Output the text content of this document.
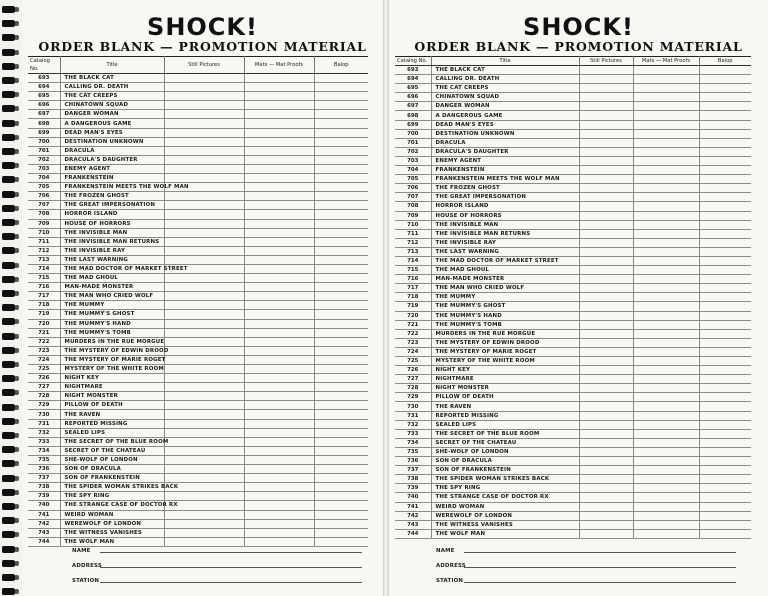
SHOCK!
ORDER BLANK — PROMOTION MATERIAL
Catalog No.	Title	Still Pictures	Mats — Mat Proofs	Balop
693	THE BLACK CAT			
694	CALLING DR. DEATH			
695	THE CAT CREEPS			
696	CHINATOWN SQUAD			
697	DANGER WOMAN			
698	A DANGEROUS GAME			
699	DEAD MAN'S EYES			
700	DESTINATION UNKNOWN			
701	DRACULA			
702	DRACULA'S DAUGHTER			
703	ENEMY AGENT			
704	FRANKENSTEIN			
705	FRANKENSTEIN MEETS THE WOLF MAN			
706	THE FROZEN GHOST			
707	THE GREAT IMPERSONATION			
708	HORROR ISLAND			
709	HOUSE OF HORRORS			
710	THE INVISIBLE MAN			
711	THE INVISIBLE MAN RETURNS			
712	THE INVISIBLE RAY			
713	THE LAST WARNING			
714	THE MAD DOCTOR OF MARKET STREET			
715	THE MAD GHOUL			
716	MAN-MADE MONSTER			
717	THE MAN WHO CRIED WOLF			
718	THE MUMMY			
719	THE MUMMY'S GHOST			
720	THE MUMMY'S HAND			
721	THE MUMMY'S TOMB			
722	MURDERS IN THE RUE MORGUE			
723	THE MYSTERY OF EDWIN DROOD			
724	THE MYSTERY OF MARIE ROGET			
725	MYSTERY OF THE WHITE ROOM			
726	NIGHT KEY			
727	NIGHTMARE			
728	NIGHT MONSTER			
729	PILLOW OF DEATH			
730	THE RAVEN			
731	REPORTED MISSING			
732	SEALED LIPS			
733	THE SECRET OF THE BLUE ROOM			
734	SECRET OF THE CHATEAU			
735	SHE-WOLF OF LONDON			
736	SON OF DRACULA			
737	SON OF FRANKENSTEIN			
738	THE SPIDER WOMAN STRIKES BACK			
739	THE SPY RING			
740	THE STRANGE CASE OF DOCTOR RX			
741	WEIRD WOMAN			
742	WEREWOLF OF LONDON			
743	THE WITNESS VANISHES			
744	THE WOLF MAN			
NAME
ADDRESS
STATION
SHOCK!
ORDER BLANK — PROMOTION MATERIAL
Catalog No.	Title	Still Pictures	Mats — Mat Proofs	Balop
693	THE BLACK CAT			
694	CALLING DR. DEATH			
695	THE CAT CREEPS			
696	CHINATOWN SQUAD			
697	DANGER WOMAN			
698	A DANGEROUS GAME			
699	DEAD MAN'S EYES			
700	DESTINATION UNKNOWN			
701	DRACULA			
702	DRACULA'S DAUGHTER			
703	ENEMY AGENT			
704	FRANKENSTEIN			
705	FRANKENSTEIN MEETS THE WOLF MAN			
706	THE FROZEN GHOST			
707	THE GREAT IMPERSONATION			
708	HORROR ISLAND			
709	HOUSE OF HORRORS			
710	THE INVISIBLE MAN			
711	THE INVISIBLE MAN RETURNS			
712	THE INVISIBLE RAY			
713	THE LAST WARNING			
714	THE MAD DOCTOR OF MARKET STREET			
715	THE MAD GHOUL			
716	MAN-MADE MONSTER			
717	THE MAN WHO CRIED WOLF			
718	THE MUMMY			
719	THE MUMMY'S GHOST			
720	THE MUMMY'S HAND			
721	THE MUMMY'S TOMB			
722	MURDERS IN THE RUE MORGUE			
723	THE MYSTERY OF EDWIN DROOD			
724	THE MYSTERY OF MARIE ROGET			
725	MYSTERY OF THE WHITE ROOM			
726	NIGHT KEY			
727	NIGHTMARE			
728	NIGHT MONSTER			
729	PILLOW OF DEATH			
730	THE RAVEN			
731	REPORTED MISSING			
732	SEALED LIPS			
733	THE SECRET OF THE BLUE ROOM			
734	SECRET OF THE CHATEAU			
735	SHE-WOLF OF LONDON			
736	SON OF DRACULA			
737	SON OF FRANKENSTEIN			
738	THE SPIDER WOMAN STRIKES BACK			
739	THE SPY RING			
740	THE STRANGE CASE OF DOCTOR RX			
741	WEIRD WOMAN			
742	WEREWOLF OF LONDON			
743	THE WITNESS VANISHES			
744	THE WOLF MAN			
NAME
ADDRESS
STATION
